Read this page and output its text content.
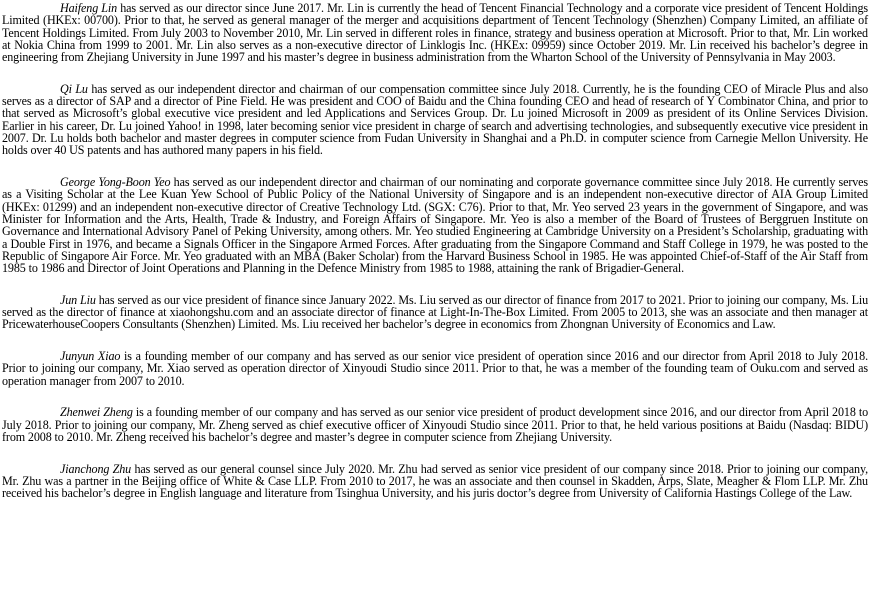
Haifeng Lin has served as our director since June 2017. Mr. Lin is currently the head of Tencent Financial Technology and a corporate vice president of Tencent Holdings Limited (HKEx: 00700). Prior to that, he served as general manager of the merger and acquisitions department of Tencent Technology (Shenzhen) Company Limited, an affiliate of Tencent Holdings Limited. From July 2003 to November 2010, Mr. Lin served in different roles in finance, strategy and business operation at Microsoft. Prior to that, Mr. Lin worked at Nokia China from 1999 to 2001. Mr. Lin also serves as a non-executive director of Linklogis Inc. (HKEx: 09959) since October 2019. Mr. Lin received his bachelor’s degree in engineering from Zhejiang University in June 1997 and his master’s degree in business administration from the Wharton School of the University of Pennsylvania in May 2003.

Qi Lu has served as our independent director and chairman of our compensation committee since July 2018. Currently, he is the founding CEO of Miracle Plus and also serves as a director of SAP and a director of Pine Field. He was president and COO of Baidu and the China founding CEO and head of research of Y Combinator China, and prior to that served as Microsoft’s global executive vice president and led Applications and Services Group. Dr. Lu joined Microsoft in 2009 as president of its Online Services Division. Earlier in his career, Dr. Lu joined Yahoo! in 1998, later becoming senior vice president in charge of search and advertising technologies, and subsequently executive vice president in 2007. Dr. Lu holds both bachelor and master degrees in computer science from Fudan University in Shanghai and a Ph.D. in computer science from Carnegie Mellon University. He holds over 40 US patents and has authored many papers in his field.

George Yong-Boon Yeo has served as our independent director and chairman of our nominating and corporate governance committee since July 2018. He currently serves as a Visiting Scholar at the Lee Kuan Yew School of Public Policy of the National University of Singapore and is an independent non-executive director of AIA Group Limited (HKEx: 01299) and an independent non-executive director of Creative Technology Ltd. (SGX: C76). Prior to that, Mr. Yeo served 23 years in the government of Singapore, and was Minister for Information and the Arts, Health, Trade & Industry, and Foreign Affairs of Singapore. Mr. Yeo is also a member of the Board of Trustees of Berggruen Institute on Governance and International Advisory Panel of Peking University, among others. Mr. Yeo studied Engineering at Cambridge University on a President’s Scholarship, graduating with a Double First in 1976, and became a Signals Officer in the Singapore Armed Forces. After graduating from the Singapore Command and Staff College in 1979, he was posted to the Republic of Singapore Air Force. Mr. Yeo graduated with an MBA (Baker Scholar) from the Harvard Business School in 1985. He was appointed Chief-of-Staff of the Air Staff from 1985 to 1986 and Director of Joint Operations and Planning in the Defence Ministry from 1985 to 1988, attaining the rank of Brigadier-General.

Jun Liu has served as our vice president of finance since January 2022. Ms. Liu served as our director of finance from 2017 to 2021. Prior to joining our company, Ms. Liu served as the director of finance at xiaohongshu.com and an associate director of finance at Light-In-The-Box Limited. From 2005 to 2013, she was an associate and then manager at PricewaterhouseCoopers Consultants (Shenzhen) Limited. Ms. Liu received her bachelor’s degree in economics from Zhongnan University of Economics and Law.

Junyun Xiao is a founding member of our company and has served as our senior vice president of operation since 2016 and our director from April 2018 to July 2018. Prior to joining our company, Mr. Xiao served as operation director of Xinyoudi Studio since 2011. Prior to that, he was a member of the founding team of Ouku.com and served as operation manager from 2007 to 2010.

Zhenwei Zheng is a founding member of our company and has served as our senior vice president of product development since 2016, and our director from April 2018 to July 2018. Prior to joining our company, Mr. Zheng served as chief executive officer of Xinyoudi Studio since 2011. Prior to that, he held various positions at Baidu (Nasdaq: BIDU) from 2008 to 2010. Mr. Zheng received his bachelor’s degree and master’s degree in computer science from Zhejiang University.

Jianchong Zhu has served as our general counsel since July 2020. Mr. Zhu had served as senior vice president of our company since 2018. Prior to joining our company, Mr. Zhu was a partner in the Beijing office of White & Case LLP. From 2010 to 2017, he was an associate and then counsel in Skadden, Arps, Slate, Meagher & Flom LLP. Mr. Zhu received his bachelor’s degree in English language and literature from Tsinghua University, and his juris doctor’s degree from University of California Hastings College of the Law.
